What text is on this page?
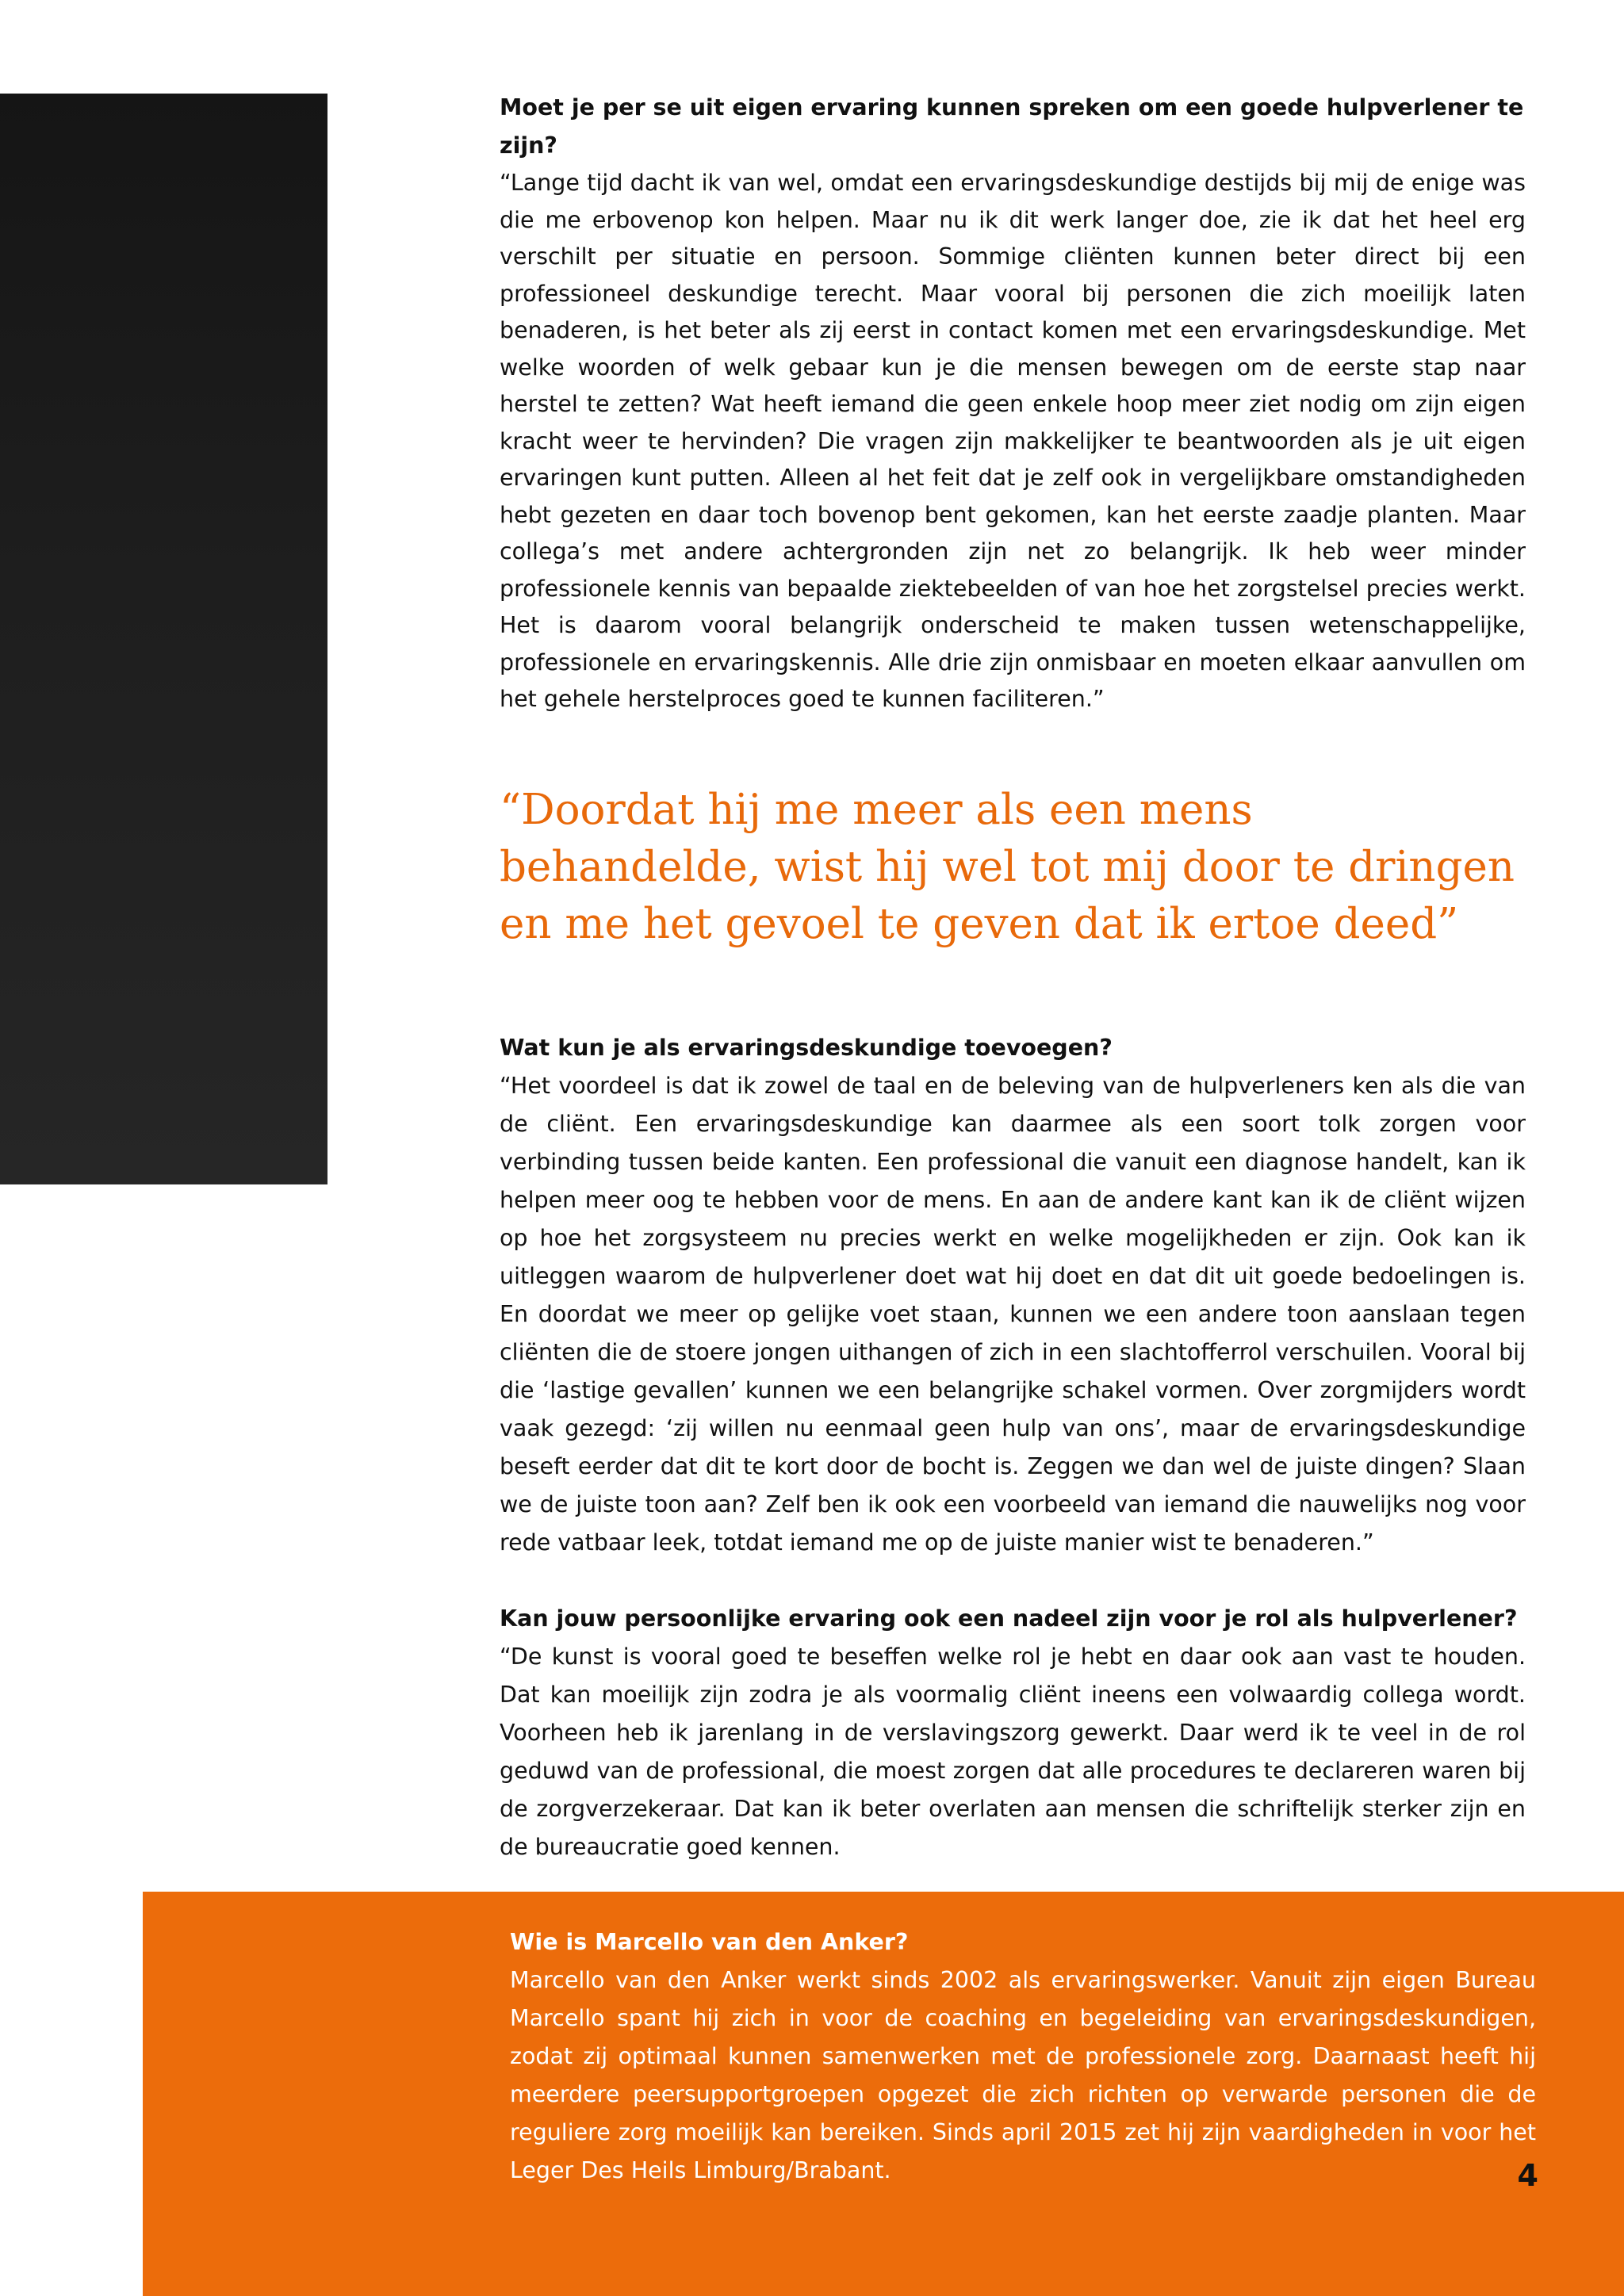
Moet je per se uit eigen ervaring kunnen spreken om een goede hulpverlener te zijn?

“Lange tijd dacht ik van wel, omdat een ervaringsdeskundige destijds bij mij de enige was die me erbovenop kon helpen. Maar nu ik dit werk langer doe, zie ik dat het heel erg verschilt per situatie en persoon. Sommige cliënten kunnen beter direct bij een professioneel deskundige terecht. Maar vooral bij personen die zich moeilijk laten benaderen, is het beter als zij eerst in contact komen met een ervaringsdeskundige. Met welke woorden of welk gebaar kun je die mensen bewegen om de eerste stap naar herstel te zetten? Wat heeft iemand die geen enkele hoop meer ziet nodig om zijn eigen kracht weer te hervinden? Die vragen zijn makkelijker te beantwoorden als je uit eigen ervaringen kunt putten. Alleen al het feit dat je zelf ook in vergelijkbare omstandigheden hebt gezeten en daar toch bovenop bent gekomen, kan het eerste zaadje planten. Maar collega’s met andere achtergronden zijn net zo belangrijk. Ik heb weer minder professionele kennis van bepaalde ziektebeelden of van hoe het zorgstelsel precies werkt. Het is daarom vooral belangrijk onderscheid te maken tussen wetenschappelijke, professionele en ervaringskennis. Alle drie zijn onmisbaar en moeten elkaar aanvullen om het gehele herstelproces goed te kunnen faciliteren.”

“Doordat hij me meer als een mens behandelde, wist hij wel tot mij door te dringen en me het gevoel te geven dat ik ertoe deed”

Wat kun je als ervaringsdeskundige toevoegen?

“Het voordeel is dat ik zowel de taal en de beleving van de hulpverleners ken als die van de cliënt. Een ervaringsdeskundige kan daarmee als een soort tolk zorgen voor verbinding tussen beide kanten. Een professional die vanuit een diagnose handelt, kan ik helpen meer oog te hebben voor de mens. En aan de andere kant kan ik de cliënt wijzen op hoe het zorgsysteem nu precies werkt en welke mogelijkheden er zijn. Ook kan ik uitleggen waarom de hulpverlener doet wat hij doet en dat dit uit goede bedoelingen is. En doordat we meer op gelijke voet staan, kunnen we een andere toon aanslaan tegen cliënten die de stoere jongen uithangen of zich in een slachtofferrol verschuilen. Vooral bij die ‘lastige gevallen’ kunnen we een belangrijke schakel vormen. Over zorgmijders wordt vaak gezegd: ‘zij willen nu eenmaal geen hulp van ons’, maar de ervaringsdeskundige beseft eerder dat dit te kort door de bocht is. Zeggen we dan wel de juiste dingen? Slaan we de juiste toon aan? Zelf ben ik ook een voorbeeld van iemand die nauwelijks nog voor rede vatbaar leek, totdat iemand me op de juiste manier wist te benaderen.”

Kan jouw persoonlijke ervaring ook een nadeel zijn voor je rol als hulpverlener?

“De kunst is vooral goed te beseffen welke rol je hebt en daar ook aan vast te houden. Dat kan moeilijk zijn zodra je als voormalig cliënt ineens een volwaardig collega wordt. Voorheen heb ik jarenlang in de verslavingszorg gewerkt. Daar werd ik te veel in de rol geduwd van de professional, die moest zorgen dat alle procedures te declareren waren bij de zorgverzekeraar. Dat kan ik beter overlaten aan mensen die schriftelijk sterker zijn en de bureaucratie goed kennen.

Wie is Marcello van den Anker?

Marcello van den Anker werkt sinds 2002 als ervaringswerker. Vanuit zijn eigen Bureau Marcello spant hij zich in voor de coaching en begeleiding van ervaringsdeskundigen, zodat zij optimaal kunnen samenwerken met de professionele zorg. Daarnaast heeft hij meerdere peersupportgroepen opgezet die zich richten op verwarde personen die de reguliere zorg moeilijk kan bereiken. Sinds april 2015 zet hij zijn vaardigheden in voor het Leger Des Heils Limburg/Brabant.	4
